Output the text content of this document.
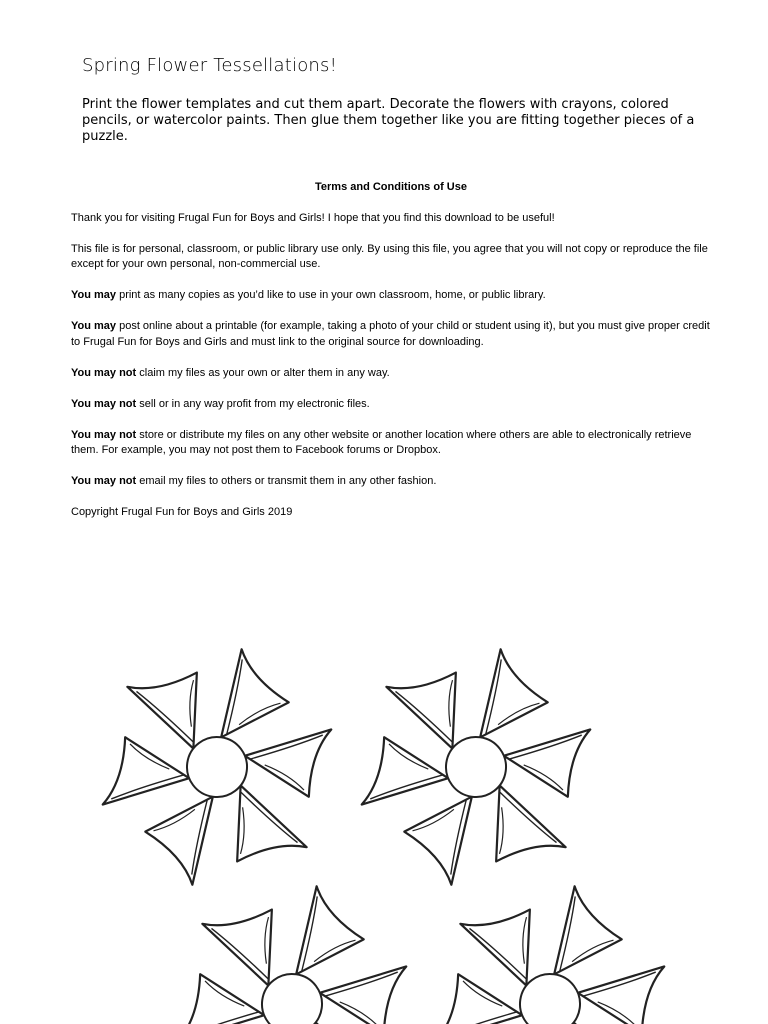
Spring Flower Tessellations!

Print the flower templates and cut them apart. Decorate the flowers with crayons, colored pencils, or watercolor paints. Then glue them together like you are fitting together pieces of a puzzle.

Terms and Conditions of Use

Thank you for visiting Frugal Fun for Boys and Girls! I hope that you find this download to be useful!

This file is for personal, classroom, or public library use only. By using this file, you agree that you will not copy or reproduce the file except for your own personal, non-commercial use.

You may print as many copies as you’d like to use in your own classroom, home, or public library.

You may post online about a printable (for example, taking a photo of your child or student using it), but you must give proper credit to Frugal Fun for Boys and Girls and must link to the original source for downloading.

You may not claim my files as your own or alter them in any way.

You may not sell or in any way profit from my electronic files.

You may not store or distribute my files on any other website or another location where others are able to electronically retrieve them. For example, you may not post them to Facebook forums or Dropbox.

You may not email my files to others or transmit them in any other fashion.

Copyright Frugal Fun for Boys and Girls 2019
